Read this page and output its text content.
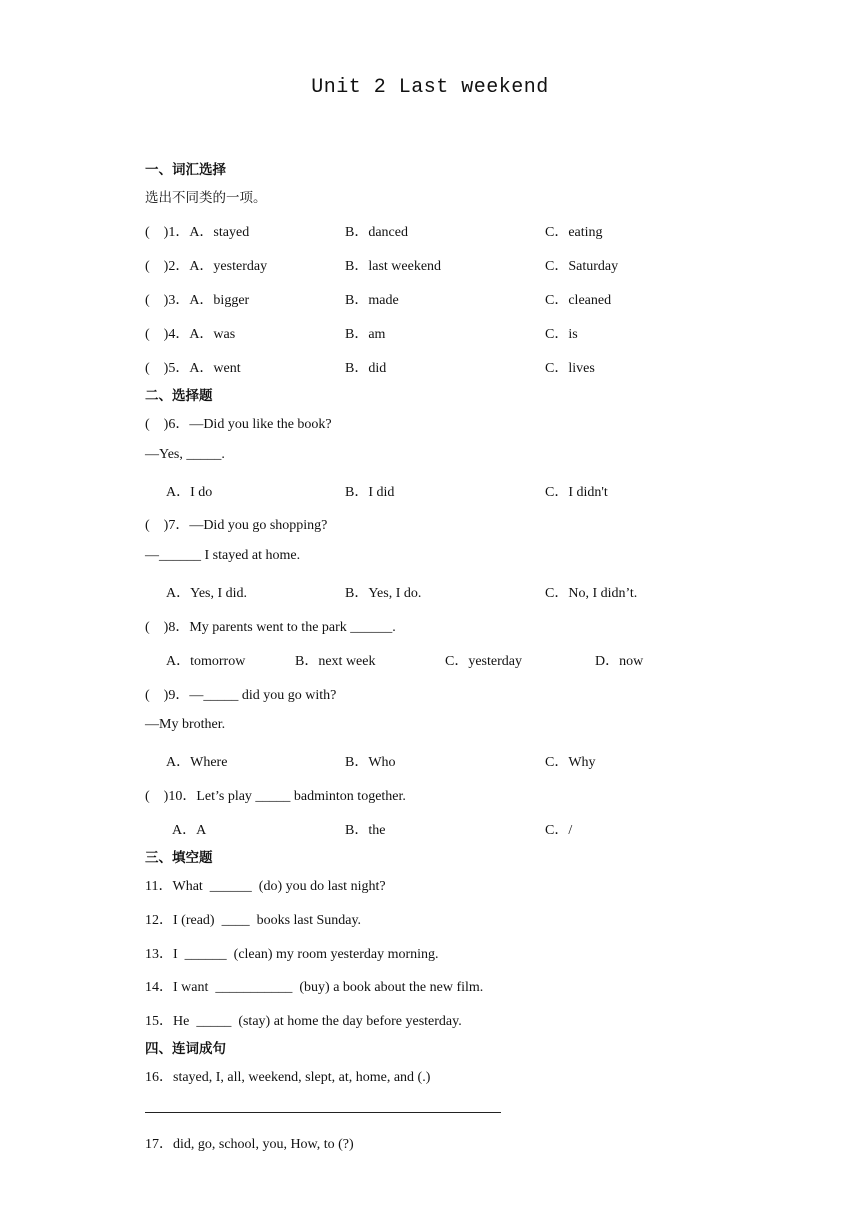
Unit 2 Last weekend
一、词汇选择
选出不同类的一项。
(    )1．A．stayed	B．danced	C．eating
(    )2．A．yesterday	B．last weekend	C．Saturday
(    )3．A．bigger	B．made	C．cleaned
(    )4．A．was	B．am	C．is
(    )5．A．went	B．did	C．lives
二、选择题
(    )6．—Did you like the book?
—Yes, _____.
A．I do	B．I did	C．I didn't
(    )7．—Did you go shopping?
—______ I stayed at home.
A．Yes, I did.	B．Yes, I do.	C．No, I didn’t.
(    )8．My parents went to the park ______.
A．tomorrow	B．next week	C．yesterday	D．now
(    )9．—_____ did you go with?
—My brother.
A．Where	B．Who	C．Why
(    )10．Let’s play _____ badminton together.
A．A	B．the	C．/
三、填空题
11．What  ______  (do) you do last night?
12．I (read)  ____  books last Sunday.
13．I  ______  (clean) my room yesterday morning.
14．I want  ___________  (buy) a book about the new film.
15．He  _____  (stay) at home the day before yesterday.
四、连词成句
16．stayed, I, all, weekend, slept, at, home, and (.)
17．did, go, school, you, How, to (?)
